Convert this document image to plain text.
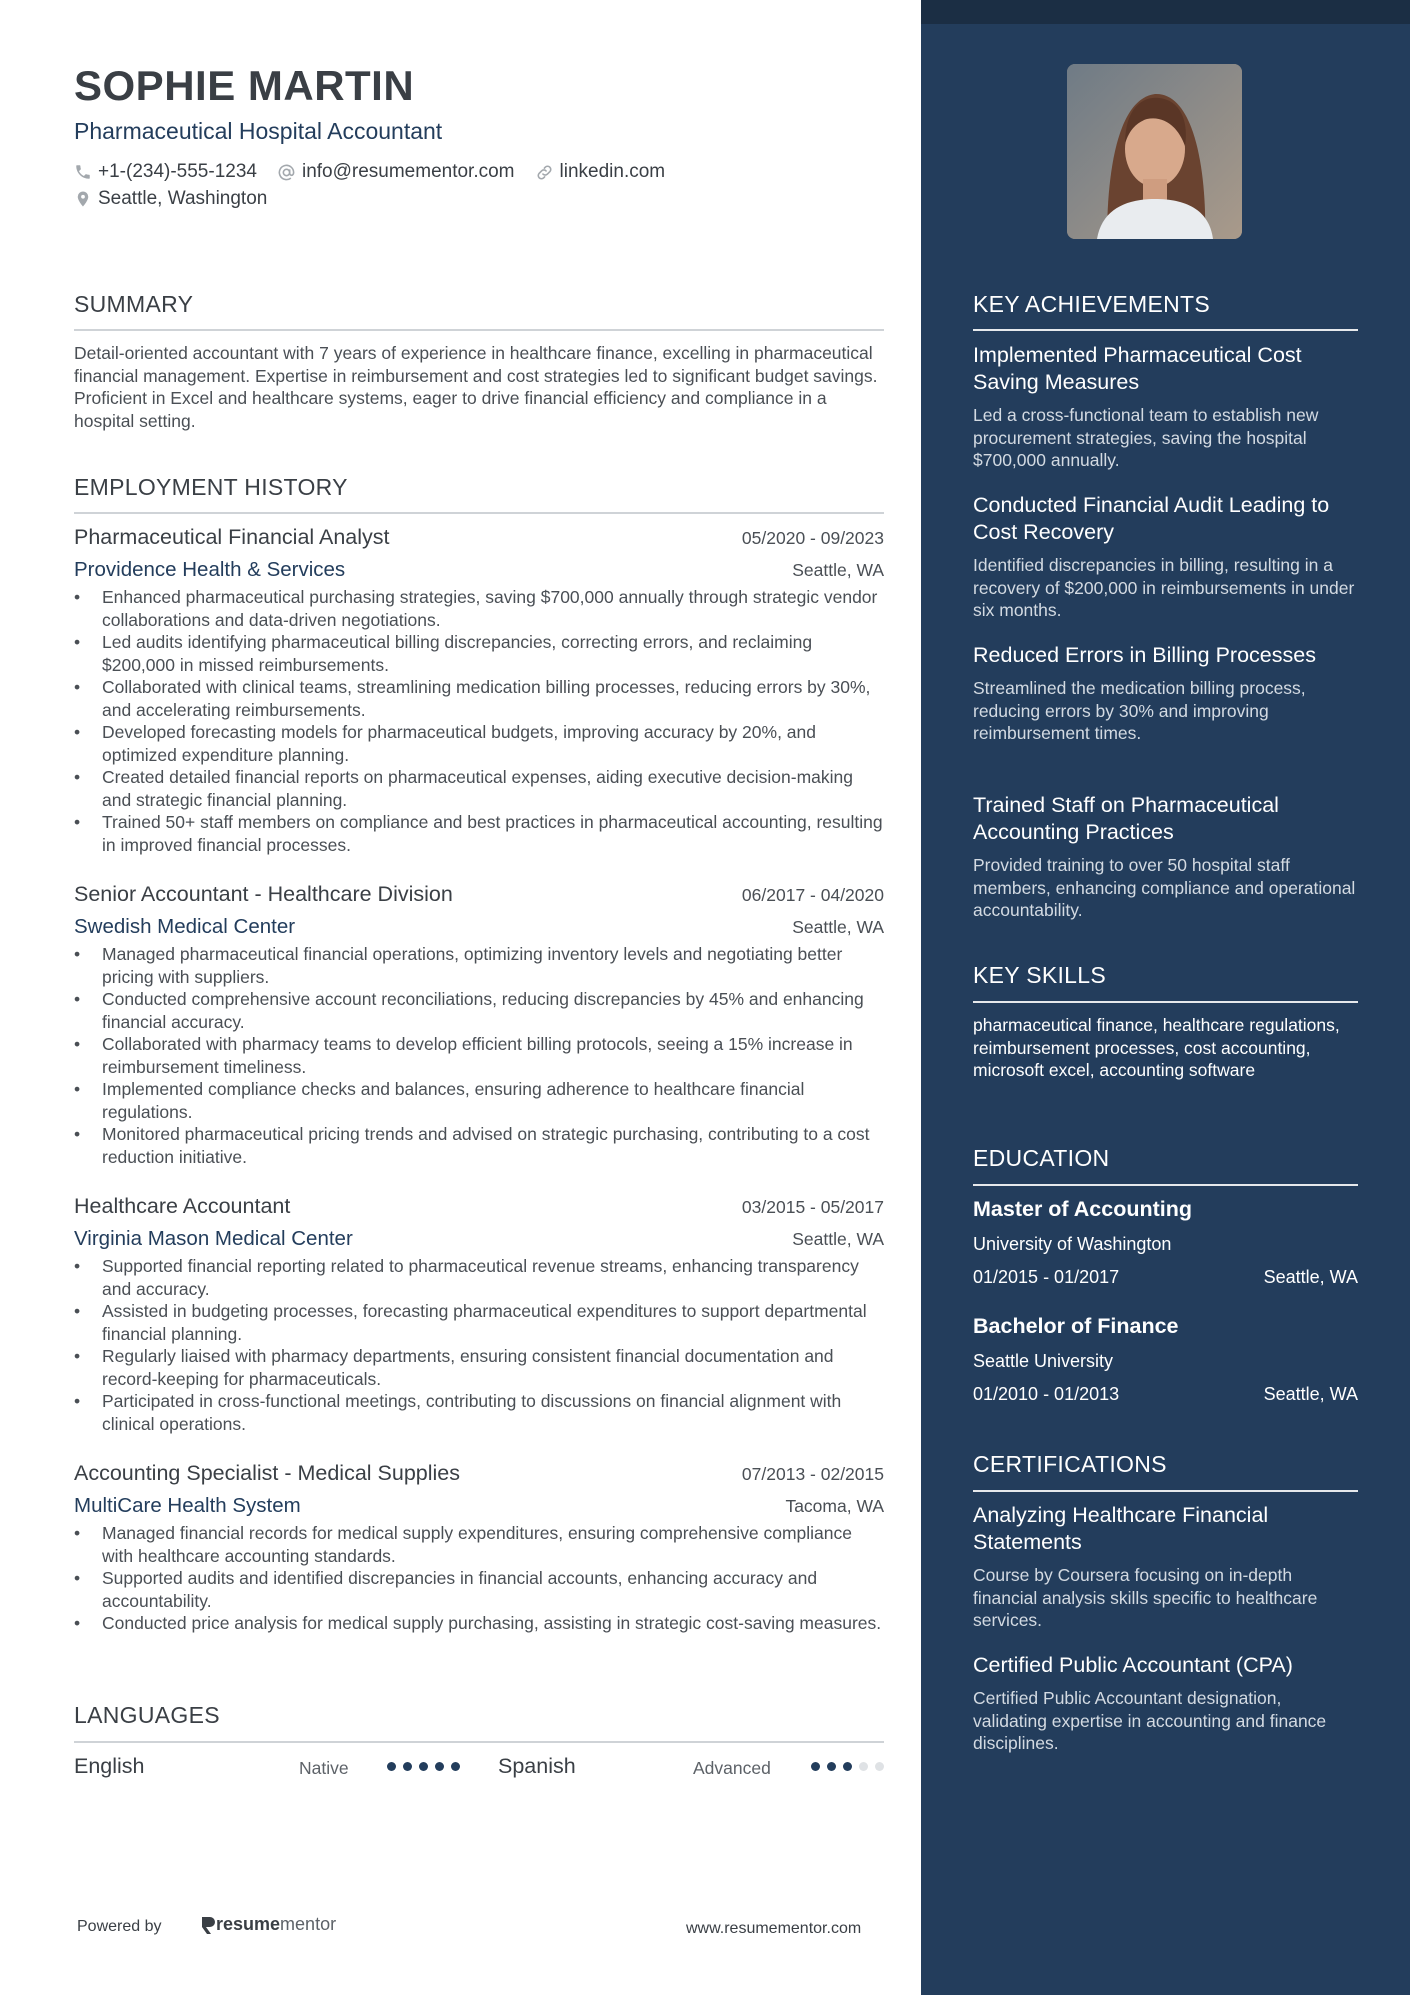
SOPHIE MARTIN
Pharmaceutical Hospital Accountant
+1-(234)-555-1234 info@resumementor.com linkedin.com
Seattle, Washington
SUMMARY
Detail-oriented accountant with 7 years of experience in healthcare finance, excelling in pharmaceutical financial management. Expertise in reimbursement and cost strategies led to significant budget savings. Proficient in Excel and healthcare systems, eager to drive financial efficiency and compliance in a hospital setting.
EMPLOYMENT HISTORY
Pharmaceutical Financial Analyst	05/2020 - 09/2023
Providence Health & Services	Seattle, WA
• Enhanced pharmaceutical purchasing strategies, saving $700,000 annually through strategic vendor collaborations and data-driven negotiations.
• Led audits identifying pharmaceutical billing discrepancies, correcting errors, and reclaiming $200,000 in missed reimbursements.
• Collaborated with clinical teams, streamlining medication billing processes, reducing errors by 30%, and accelerating reimbursements.
• Developed forecasting models for pharmaceutical budgets, improving accuracy by 20%, and optimized expenditure planning.
• Created detailed financial reports on pharmaceutical expenses, aiding executive decision-making and strategic financial planning.
• Trained 50+ staff members on compliance and best practices in pharmaceutical accounting, resulting in improved financial processes.
Senior Accountant - Healthcare Division	06/2017 - 04/2020
Swedish Medical Center	Seattle, WA
• Managed pharmaceutical financial operations, optimizing inventory levels and negotiating better pricing with suppliers.
• Conducted comprehensive account reconciliations, reducing discrepancies by 45% and enhancing financial accuracy.
• Collaborated with pharmacy teams to develop efficient billing protocols, seeing a 15% increase in reimbursement timeliness.
• Implemented compliance checks and balances, ensuring adherence to healthcare financial regulations.
• Monitored pharmaceutical pricing trends and advised on strategic purchasing, contributing to a cost reduction initiative.
Healthcare Accountant	03/2015 - 05/2017
Virginia Mason Medical Center	Seattle, WA
• Supported financial reporting related to pharmaceutical revenue streams, enhancing transparency and accuracy.
• Assisted in budgeting processes, forecasting pharmaceutical expenditures to support departmental financial planning.
• Regularly liaised with pharmacy departments, ensuring consistent financial documentation and record-keeping for pharmaceuticals.
• Participated in cross-functional meetings, contributing to discussions on financial alignment with clinical operations.
Accounting Specialist - Medical Supplies	07/2013 - 02/2015
MultiCare Health System	Tacoma, WA
• Managed financial records for medical supply expenditures, ensuring comprehensive compliance with healthcare accounting standards.
• Supported audits and identified discrepancies in financial accounts, enhancing accuracy and accountability.
• Conducted price analysis for medical supply purchasing, assisting in strategic cost-saving measures.
LANGUAGES
English	Native	Spanish	Advanced
Powered by	resume mentor	www.resumementor.com
KEY ACHIEVEMENTS
Implemented Pharmaceutical Cost Saving Measures
Led a cross-functional team to establish new procurement strategies, saving the hospital $700,000 annually.
Conducted Financial Audit Leading to Cost Recovery
Identified discrepancies in billing, resulting in a recovery of $200,000 in reimbursements in under six months.
Reduced Errors in Billing Processes
Streamlined the medication billing process, reducing errors by 30% and improving reimbursement times.
Trained Staff on Pharmaceutical Accounting Practices
Provided training to over 50 hospital staff members, enhancing compliance and operational accountability.
KEY SKILLS
pharmaceutical finance, healthcare regulations, reimbursement processes, cost accounting, microsoft excel, accounting software
EDUCATION
Master of Accounting
University of Washington
01/2015 - 01/2017	Seattle, WA
Bachelor of Finance
Seattle University
01/2010 - 01/2013	Seattle, WA
CERTIFICATIONS
Analyzing Healthcare Financial Statements
Course by Coursera focusing on in-depth financial analysis skills specific to healthcare services.
Certified Public Accountant (CPA)
Certified Public Accountant designation, validating expertise in accounting and finance disciplines.
